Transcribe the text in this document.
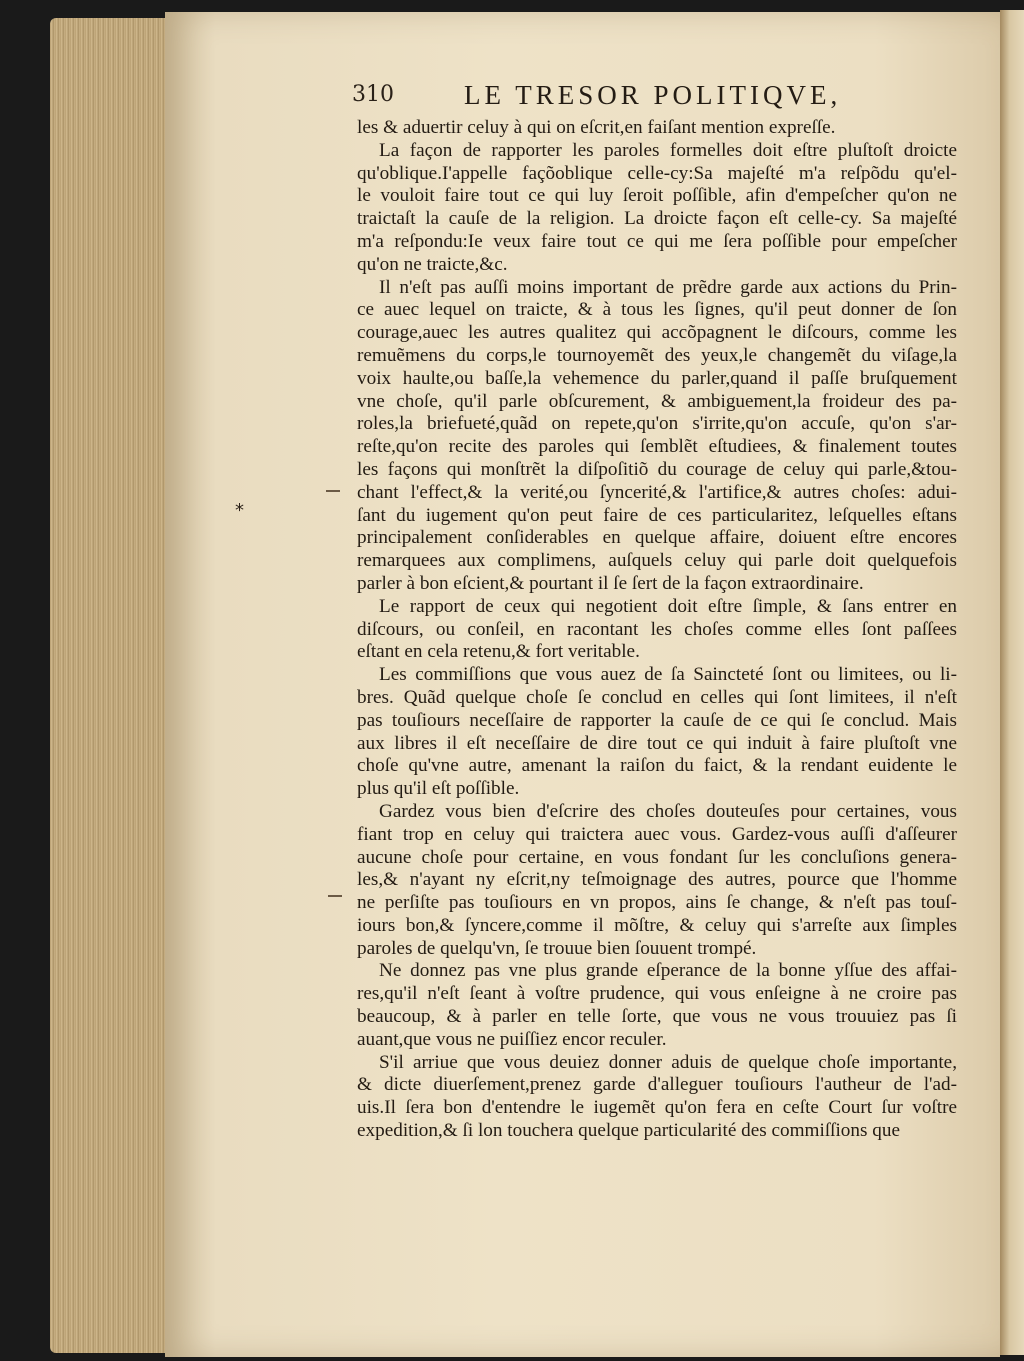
310	LE TRESOR POLITIQVE,
*
les & aduertir celuy à qui on eſcrit,en faiſant mention expreſſe.
La façon de rapporter les paroles formelles doit eſtre pluſtoſt droicte
qu'oblique.I'appelle façõoblique celle-cy:Sa majeſté m'a reſpõdu qu'el-
le vouloit faire tout ce qui luy ſeroit poſſible, afin d'empeſcher qu'on ne
traictaſt la cauſe de la religion. La droicte façon eſt celle-cy. Sa majeſté
m'a reſpondu:Ie veux faire tout ce qui me ſera poſſible pour empeſcher
qu'on ne traicte,&c.
Il n'eſt pas auſſi moins important de prẽdre garde aux actions du Prin-
ce auec lequel on traicte, & à tous les ſignes, qu'il peut donner de ſon
courage,auec les autres qualitez qui accõpagnent le diſcours, comme les
remuẽmens du corps,le tournoyemẽt des yeux,le changemẽt du viſage,la
voix haulte,ou baſſe,la vehemence du parler,quand il paſſe bruſquement
vne choſe, qu'il parle obſcurement, & ambiguement,la froideur des pa-
roles,la briefueté,quãd on repete,qu'on s'irrite,qu'on accuſe, qu'on s'ar-
reſte,qu'on recite des paroles qui ſemblẽt eſtudiees, & finalement toutes
les façons qui monſtrẽt la diſpoſitiõ du courage de celuy qui parle,&tou-
chant l'effect,& la verité,ou ſyncerité,& l'artifice,& autres choſes: adui-
ſant du iugement qu'on peut faire de ces particularitez, leſquelles eſtans
principalement conſiderables en quelque affaire, doiuent eſtre encores
remarquees aux complimens, auſquels celuy qui parle doit quelquefois
parler à bon eſcient,& pourtant il ſe ſert de la façon extraordinaire.
Le rapport de ceux qui negotient doit eſtre ſimple, & ſans entrer en
diſcours, ou conſeil, en racontant les choſes comme elles ſont paſſees
eſtant en cela retenu,& fort veritable.
Les commiſſions que vous auez de ſa Saincteté ſont ou limitees, ou li-
bres. Quãd quelque choſe ſe conclud en celles qui ſont limitees, il n'eſt
pas touſiours neceſſaire de rapporter la cauſe de ce qui ſe conclud. Mais
aux libres il eſt neceſſaire de dire tout ce qui induit à faire pluſtoſt vne
choſe qu'vne autre, amenant la raiſon du faict, & la rendant euidente le
plus qu'il eſt poſſible.
Gardez vous bien d'eſcrire des choſes douteuſes pour certaines, vous
fiant trop en celuy qui traictera auec vous. Gardez-vous auſſi d'aſſeurer
aucune choſe pour certaine, en vous fondant ſur les concluſions genera-
les,& n'ayant ny eſcrit,ny teſmoignage des autres, pource que l'homme
ne perſiſte pas touſiours en vn propos, ains ſe change, & n'eſt pas touſ-
iours bon,& ſyncere,comme il mõſtre, & celuy qui s'arreſte aux ſimples
paroles de quelqu'vn, ſe trouue bien ſouuent trompé.
Ne donnez pas vne plus grande eſperance de la bonne yſſue des affai-
res,qu'il n'eſt ſeant à voſtre prudence, qui vous enſeigne à ne croire pas
beaucoup, & à parler en telle ſorte, que vous ne vous trouuiez pas ſi
auant,que vous ne puiſſiez encor reculer.
S'il arriue que vous deuiez donner aduis de quelque choſe importante,
& dicte diuerſement,prenez garde d'alleguer touſiours l'autheur de l'ad-
uis.Il ſera bon d'entendre le iugemẽt qu'on fera en ceſte Court ſur voſtre
expedition,& ſi lon touchera quelque particularité des commiſſions que
